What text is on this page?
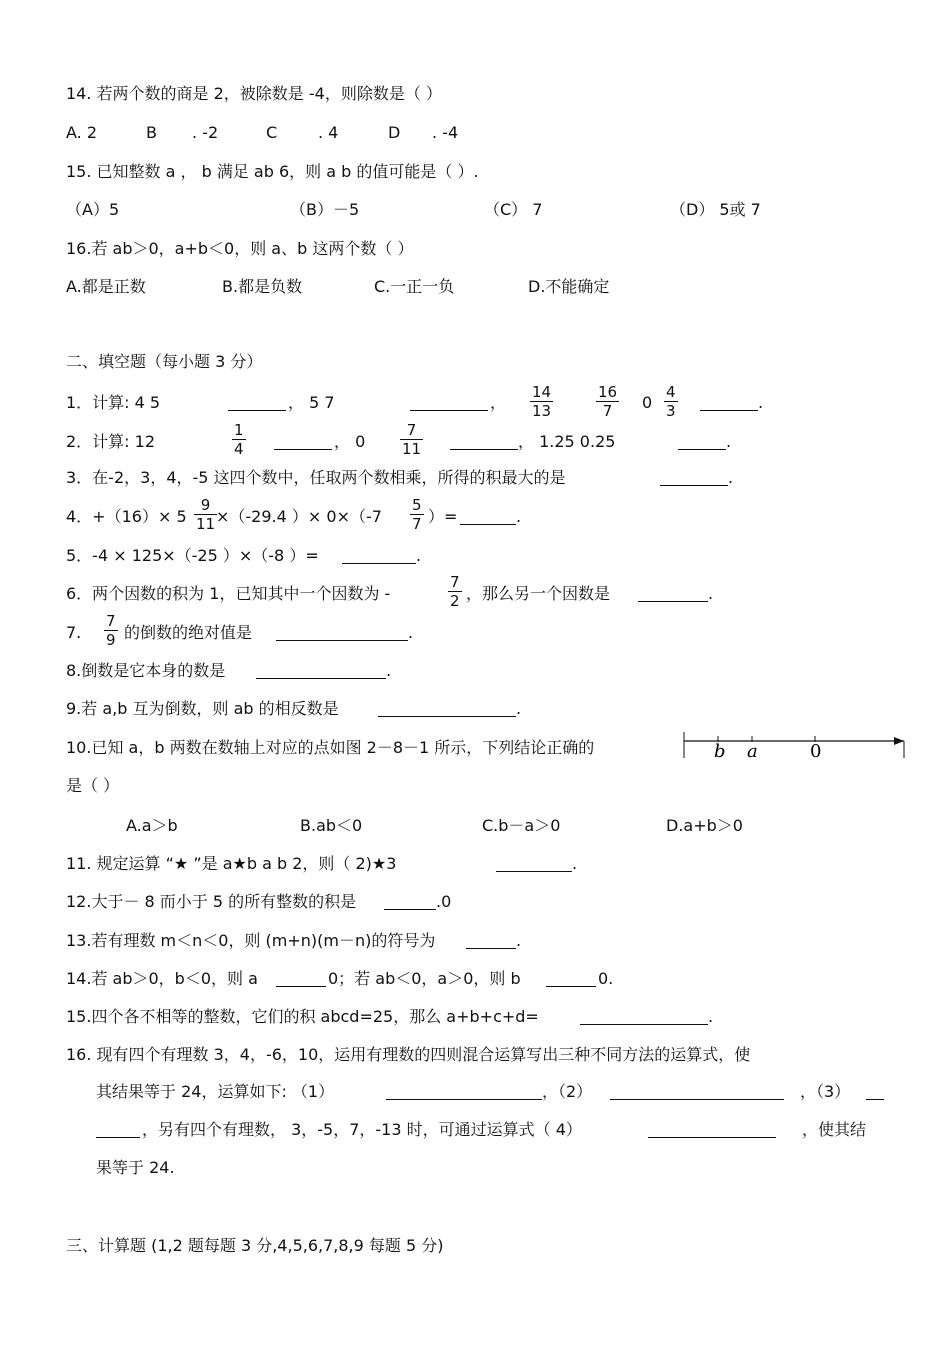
14. 若两个数的商是 2，被除数是 -4，则除数是（ ）
A. 2	B . -2	C	. 4	D . -4
15. 已知整数 a ， b 满足 ab 6，则 a b 的值可能是（ ）.
（A）5	（B）－5	（C） 7	（D） 5或 7
16.若 ab＞0，a+b＜0，则 a、b 这两个数（ ）
A.都是正数	B.都是负数	C.一正一负	D.不能确定
二、填空题（每小题 3 分）
1．计算: 4 5	， 5 7	， $\frac{14}{13}$	$\frac{16}{7} 0 \frac{4}{3}$	.
2．计算: 12	$\frac{1}{4}$	， $0 \frac{7}{11}$	， 1.25 0.25	.
3．在-2，3，4，-5 这四个数中，任取两个数相乘，所得的积最大的是	.
4．$+(16)\times 5 \frac{9}{11}$
×（-29.4 ）× $0\times(-7 \frac{5}{7}$ ）=	.
5．-4 × 125×（-25 ）×（-8 ）=	.
6．两个因数的积为 1，已知其中一个因数为 -	$\frac{7}{2}$ ，那么另一个因数是	.
7. $\frac{7}{9}$ 的倒数的绝对值是	.
8.倒数是它本身的数是	.
9.若 a,b 互为倒数，则 ab 的相反数是	.
10.已知 a，b 两数在数轴上对应的点如图 2－8－1 所示，下列结论正确的	b a	0
是（ ）
A.a＞b	B.ab＜0	C.b－a＞0	D.a+b＞0
11. 规定运算 “★ ”是 a★b a b 2，则（ 2)★3	.
12.大于－ 8 而小于 5 的所有整数的积是	.0
13.若有理数 m＜n＜0，则 (m+n)(m－n)的符号为	.
14.若 ab＞0，b＜0，则 a	0；若 ab＜0，a＞0，则 b	0.
15.四个各不相等的整数，它们的积 abcd=25，那么 a+b+c+d=	.
16. 现有四个有理数 3，4，-6，10，运用有理数的四则混合运算写出三种不同方法的运算式，使
其结果等于 24，运算如下: （1）	，（2）	，（3）
，另有四个有理数， 3，-5，7，-13 时，可通过运算式（ 4）	，使其结
果等于 24.
三、计算题 (1,2 题每题 3 分,4,5,6,7,8,9 每题 5 分)
